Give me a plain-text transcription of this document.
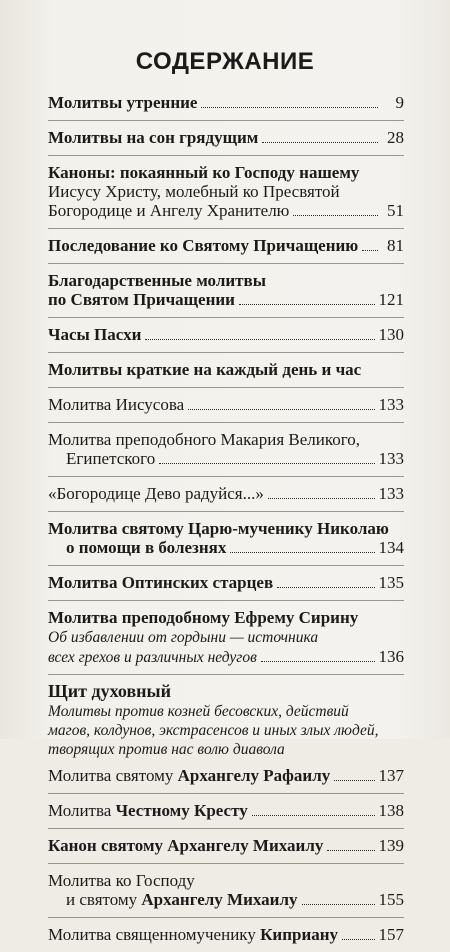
СОДЕРЖАНИЕ
Молитвы утренние	9
Молитвы на сон грядущим	28
Каноны: покаянный ко Господу нашему
Иисусу Христу, молебный ко Пресвятой
Богородице и Ангелу Хранителю	51
Последование ко Святому Причащению 81
Благодарственные молитвы
по Святом Причащении	121
Часы Пасхи	130
Молитвы краткие на каждый день и час
Молитва Иисусова	133
Молитва преподобного Макария Великого,
Египетского	133
«Богородице Дево радуйся...»	133
Молитва святому Царю-мученику Николаю
о помощи в болезнях	134
Молитва Оптинских старцев	135
Молитва преподобному Ефрему Сирину
Об избавлении от гордыни — источника
всех грехов и различных недугов	136
Щит духовный
Молитвы против козней бесовских, действий
магов, колдунов, экстрасенсов и иных злых людей,
творящих против нас волю диавола
Молитва святому Архангелу Рафаилу	137
Молитва Честному Кресту	138
Канон святому Архангелу Михаилу	139
Молитва ко Господу
и святому Архангелу Михаилу	155
Молитва священномученику Киприану 157
